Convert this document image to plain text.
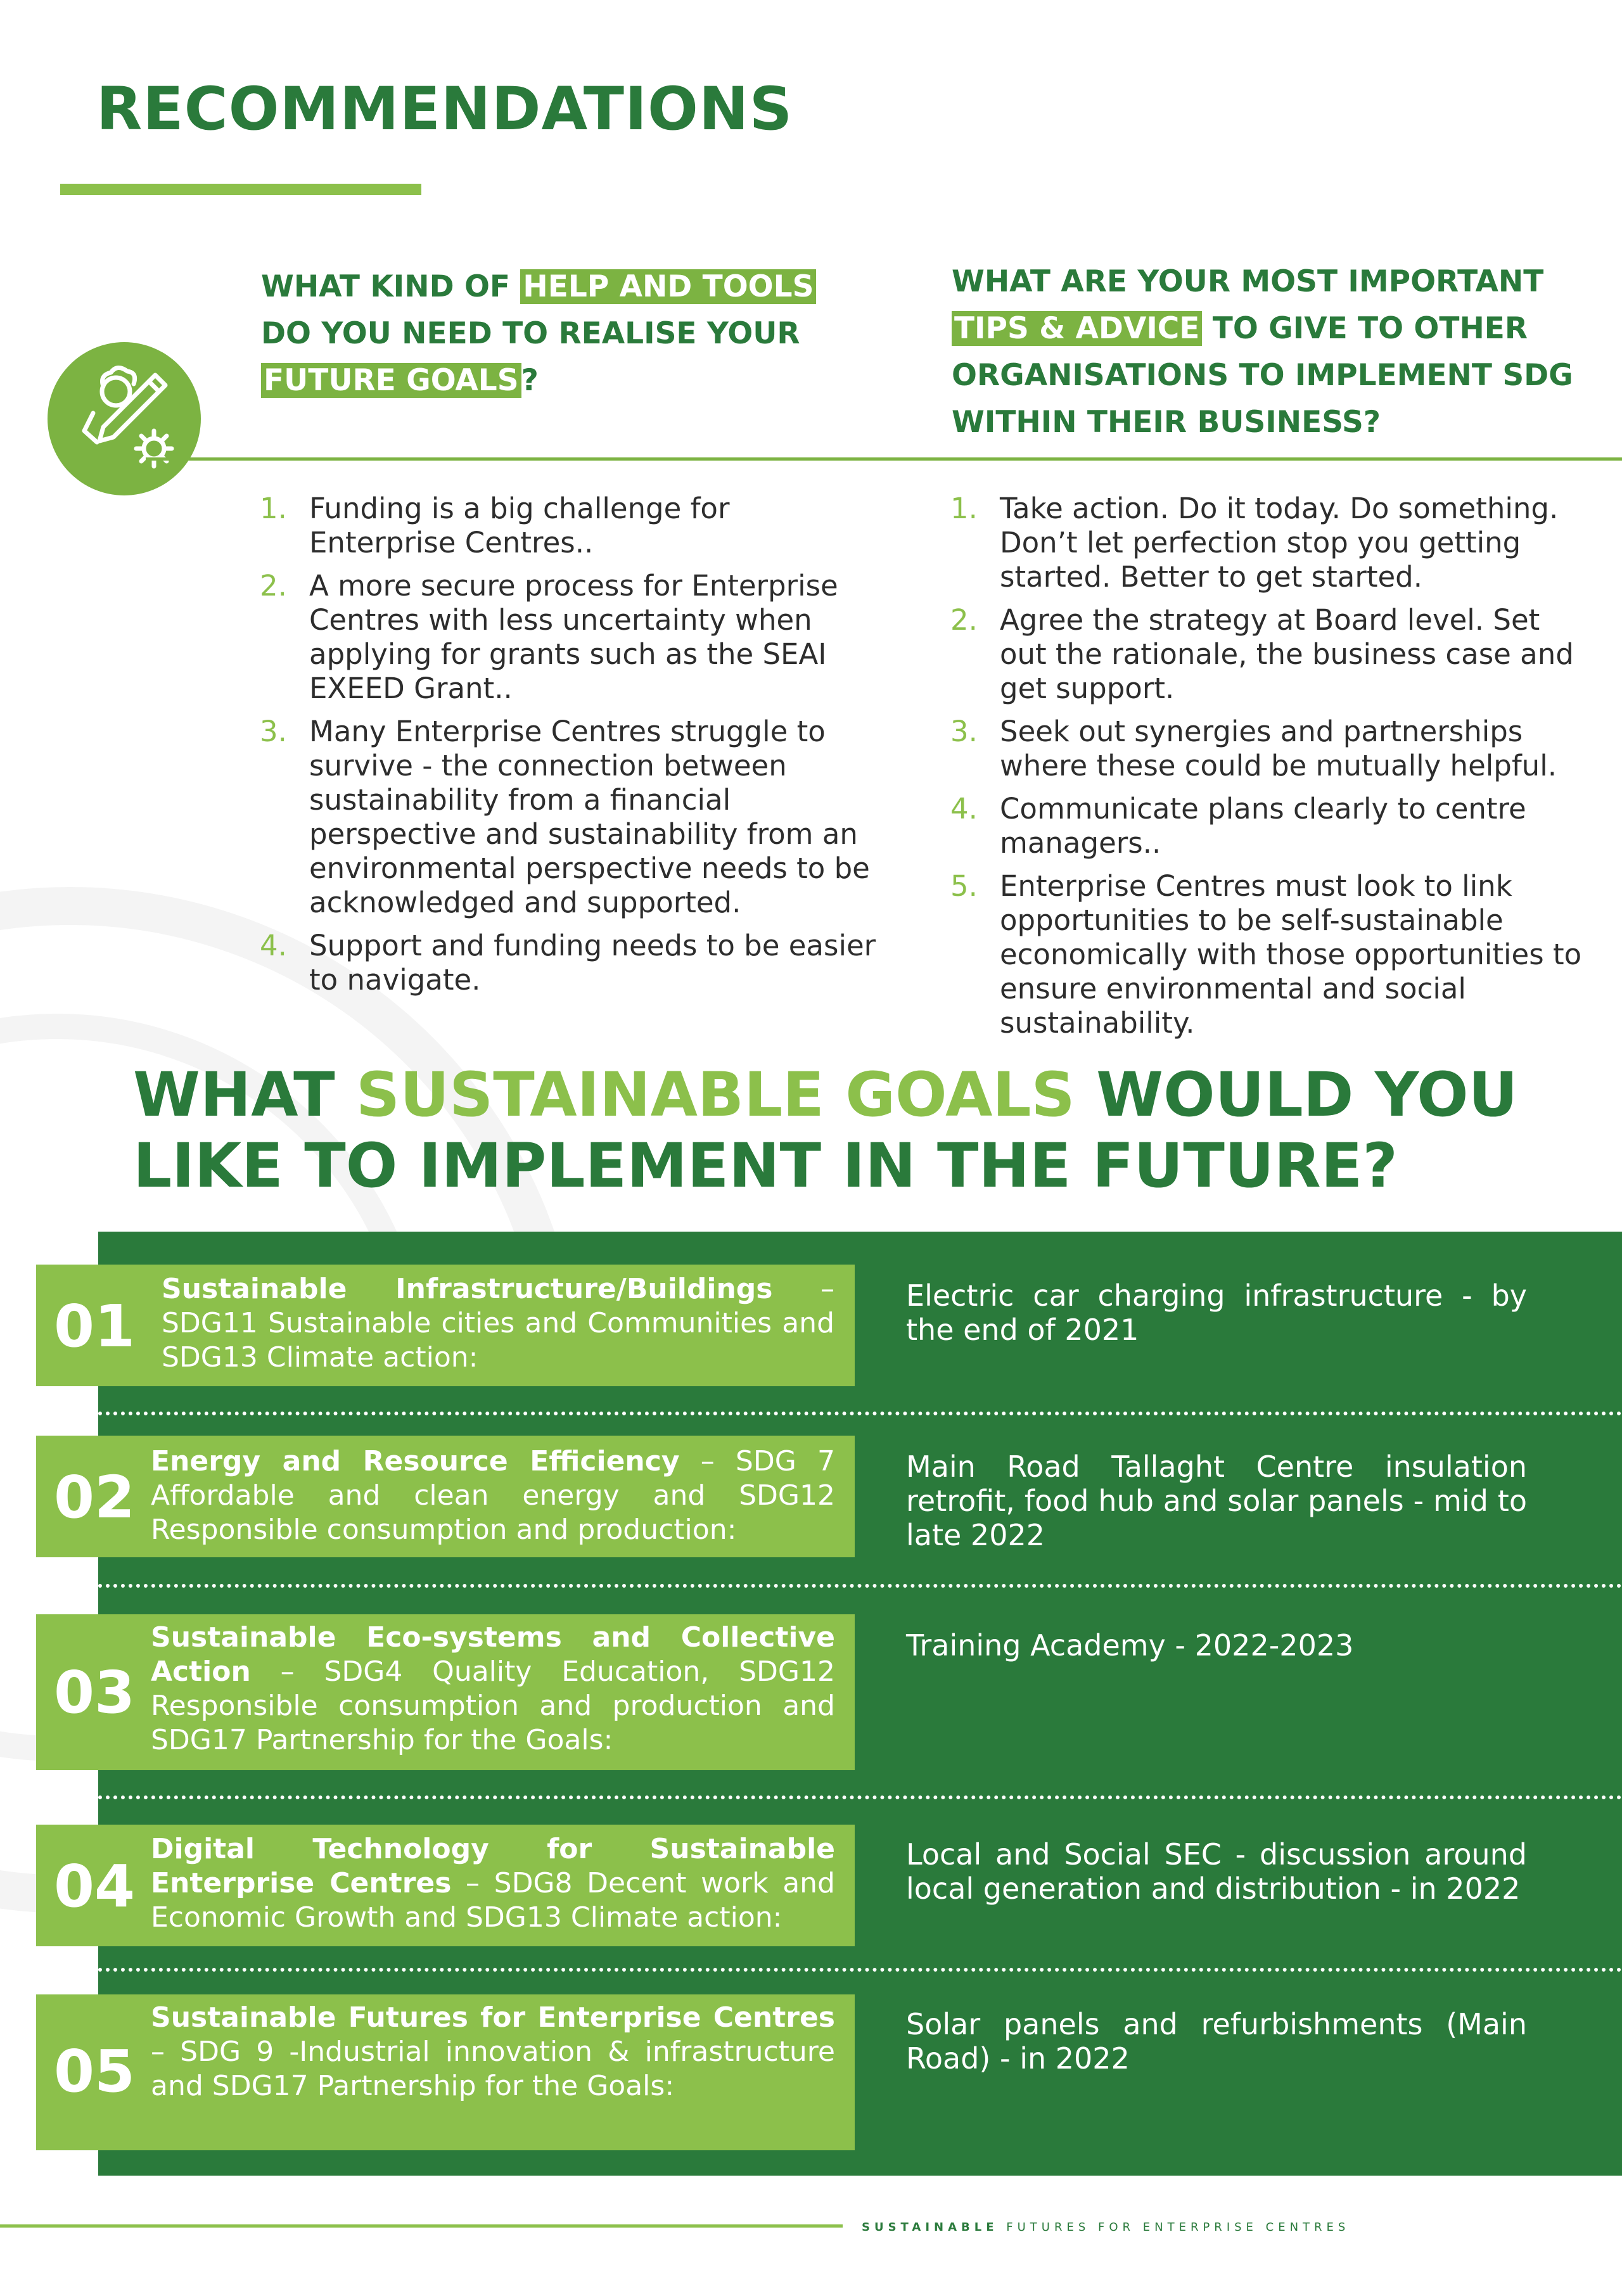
RECOMMENDATIONS

WHAT KIND OF HELP AND TOOLS DO YOU NEED TO REALISE YOUR FUTURE GOALS?

WHAT ARE YOUR MOST IMPORTANT TIPS & ADVICE TO GIVE TO OTHER ORGANISATIONS TO IMPLEMENT SDG WITHIN THEIR BUSINESS?

1. Funding is a big challenge for Enterprise Centres..
2. A more secure process for Enterprise Centres with less uncertainty when applying for grants such as the SEAI EXEED Grant..
3. Many Enterprise Centres struggle to survive - the connection between sustainability from a financial perspective and sustainability from an environmental perspective needs to be acknowledged and supported.
4. Support and funding needs to be easier to navigate.
1. Take action. Do it today. Do something. Don’t let perfection stop you getting started. Better to get started.
2. Agree the strategy at Board level. Set out the rationale, the business case and get support.
3. Seek out synergies and partnerships where these could be mutually helpful.
4. Communicate plans clearly to centre managers..
5. Enterprise Centres must look to link opportunities to be self-sustainable economically with those opportunities to ensure environmental and social sustainability.
WHAT SUSTAINABLE GOALS WOULD YOU LIKE TO IMPLEMENT IN THE FUTURE?
01

Sustainable Infrastructure/Buildings – SDG11 Sustainable cities and Communities and SDG13 Climate action:

Electric car charging infrastructure - by the end of 2021

02

Energy and Resource Efficiency – SDG 7 Affordable and clean energy and SDG12 Responsible consumption and production:

Main Road Tallaght Centre insulation retrofit, food hub and solar panels - mid to late 2022

03

Sustainable Eco-systems and Collective Action – SDG4 Quality Education, SDG12 Responsible consumption and production and SDG17 Partnership for the Goals:

Training Academy - 2022-2023

04

Digital Technology for Sustainable Enterprise Centres – SDG8 Decent work and Economic Growth and SDG13 Climate action:

Local and Social SEC - discussion around local generation and distribution - in 2022

05

Sustainable Futures for Enterprise Centres – SDG 9 -Industrial innovation & infrastructure and SDG17 Partnership for the Goals:

Solar panels and refurbishments (Main Road) - in 2022

SUSTAINABLE FUTURES FOR ENTERPRISE CENTRES
